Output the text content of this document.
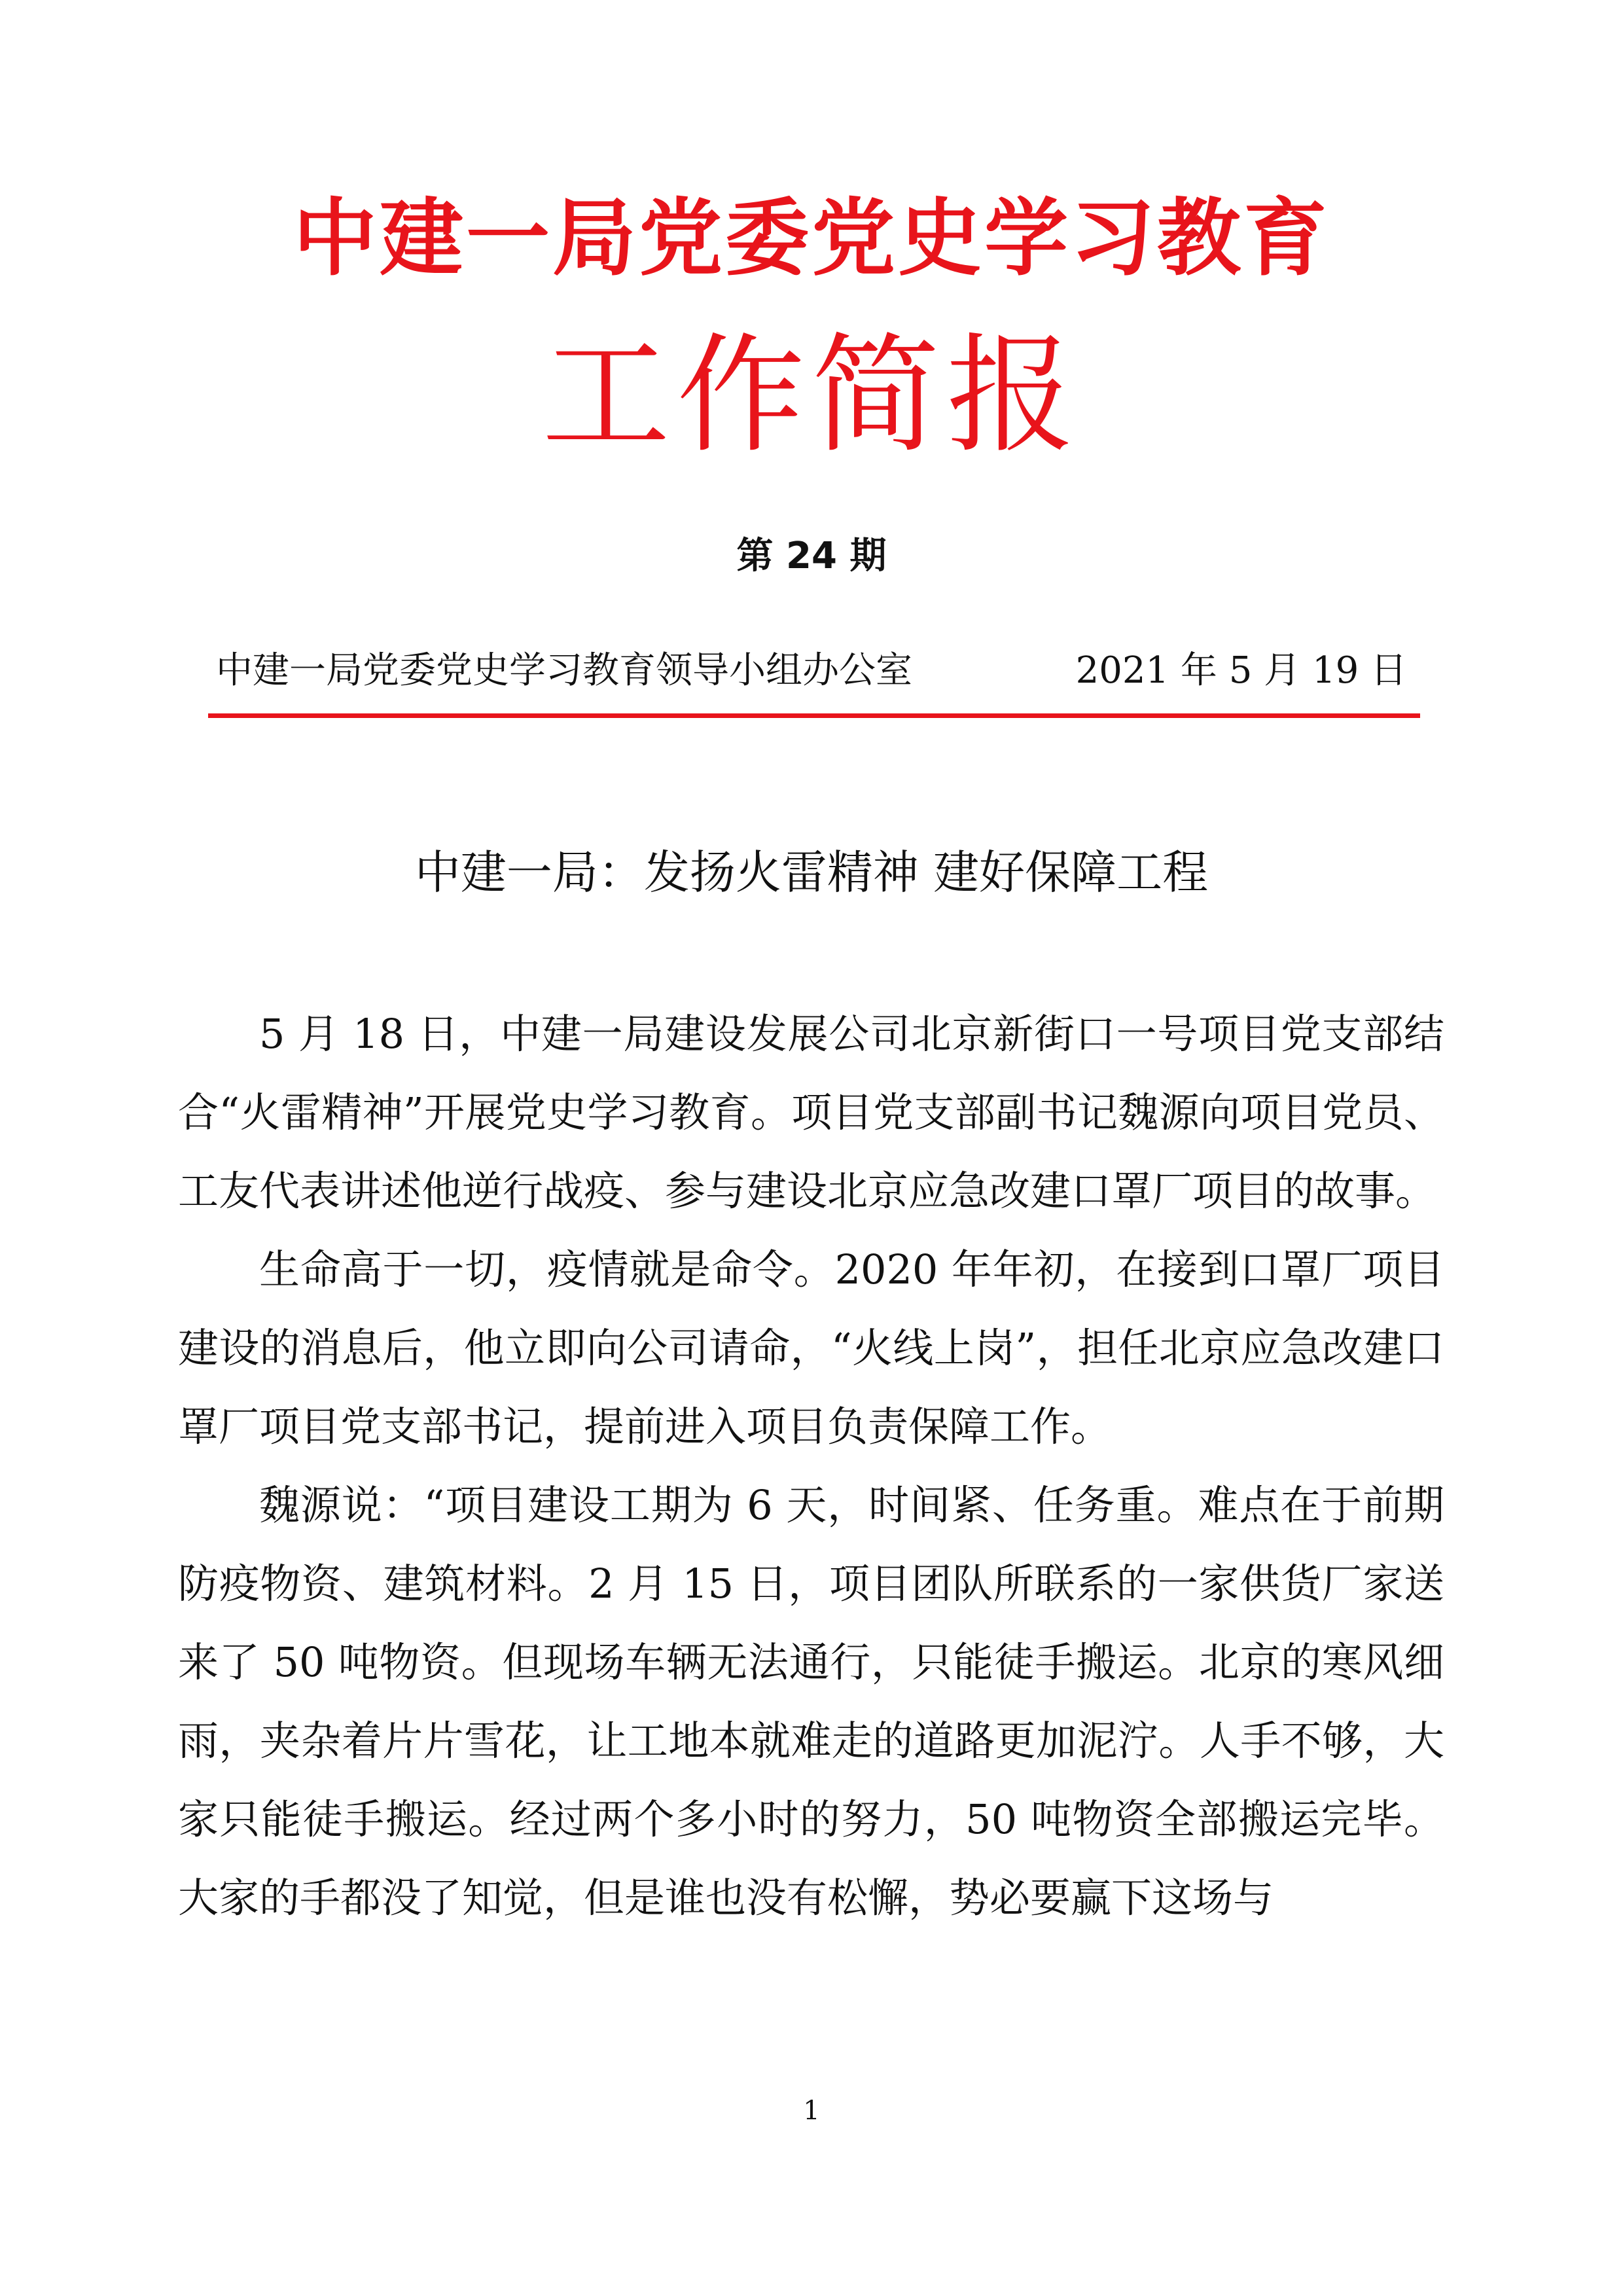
中建一局党委党史学习教育
工作简报
第 24 期
中建一局党委党史学习教育领导小组办公室	2021 年 5 月 19 日
中建一局：发扬火雷精神 建好保障工程

5 月 18 日，中建一局建设发展公司北京新街口一号项目党支部结合“火雷精神”开展党史学习教育。项目党支部副书记魏源向项目党员、工友代表讲述他逆行战疫、参与建设北京应急改建口罩厂项目的故事。

生命高于一切，疫情就是命令。2020 年年初，在接到口罩厂项目建设的消息后，他立即向公司请命，“火线上岗”，担任北京应急改建口罩厂项目党支部书记，提前进入项目负责保障工作。

魏源说：“项目建设工期为 6 天，时间紧、任务重。难点在于前期防疫物资、建筑材料。2 月 15 日，项目团队所联系的一家供货厂家送来了 50 吨物资。但现场车辆无法通行，只能徒手搬运。北京的寒风细雨，夹杂着片片雪花，让工地本就难走的道路更加泥泞。人手不够，大家只能徒手搬运。经过两个多小时的努力，50 吨物资全部搬运完毕。大家的手都没了知觉，但是谁也没有松懈，势必要赢下这场与

1
